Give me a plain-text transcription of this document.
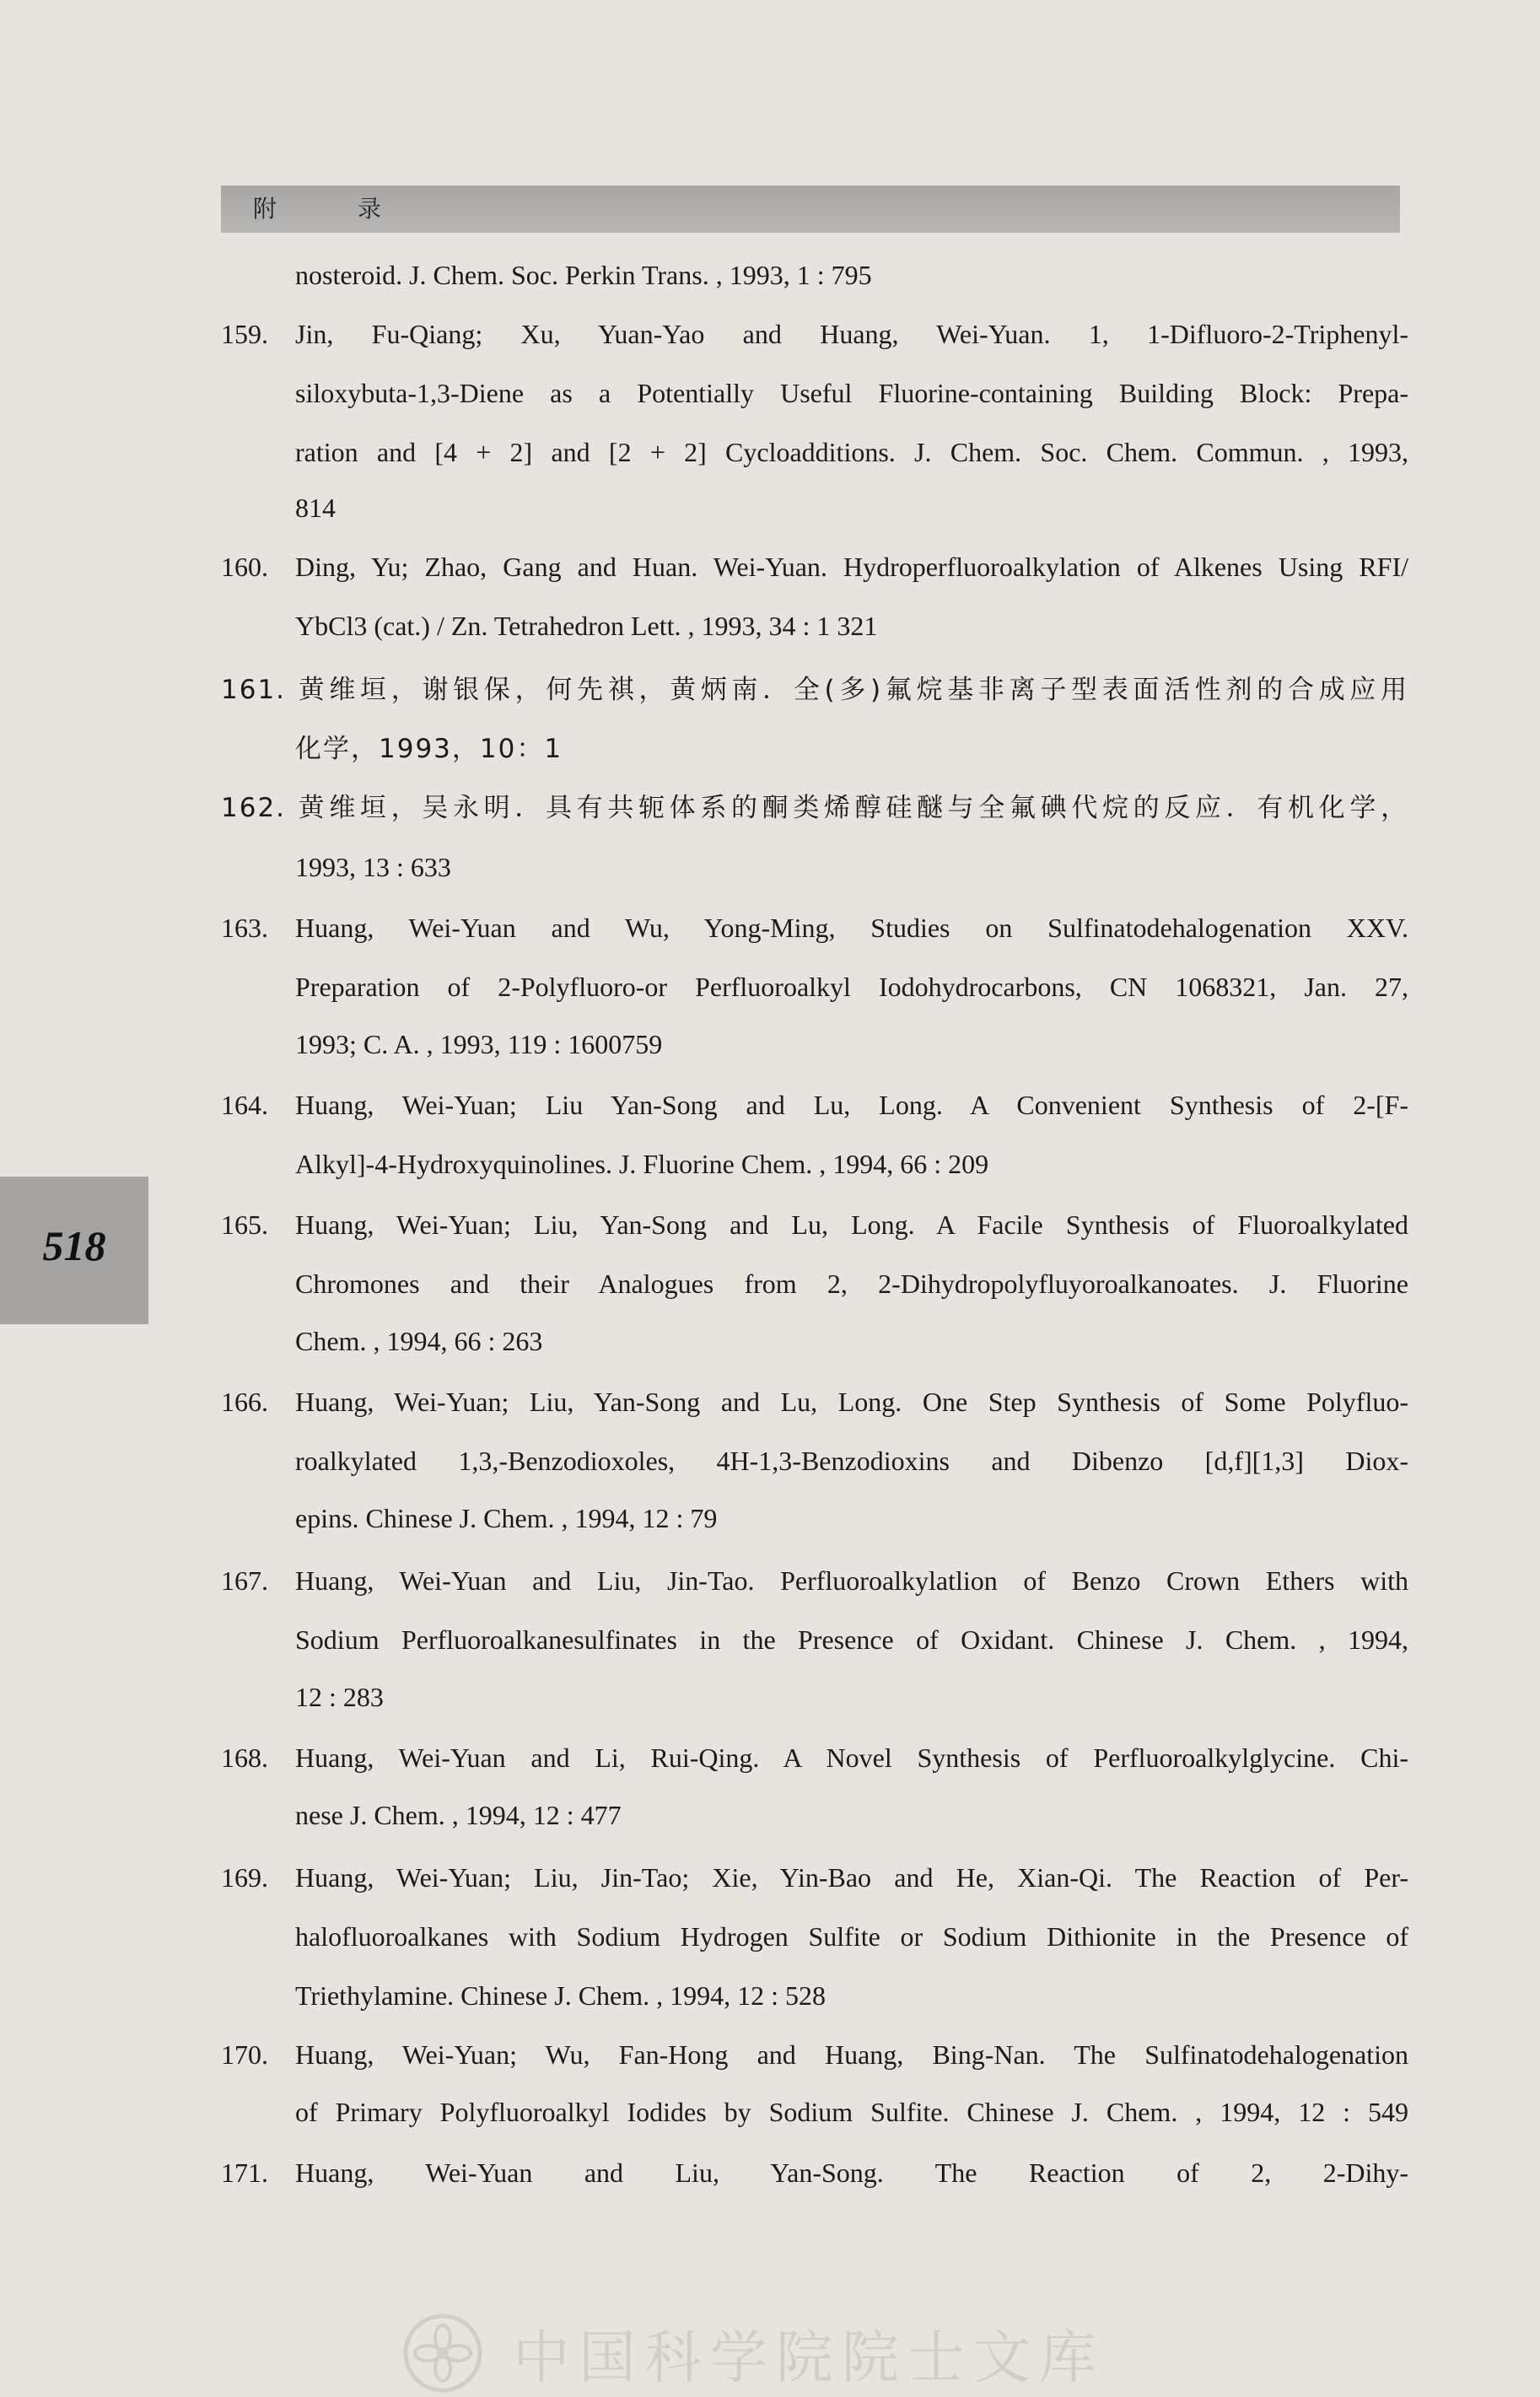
附　录
518
nosteroid. J. Chem. Soc. Perkin Trans. , 1993, 1 : 795
159. Jin, Fu-Qiang; Xu, Yuan-Yao and Huang, Wei-Yuan. 1, 1-Difluoro-2-Triphenyl-
siloxybuta-1,3-Diene as a Potentially Useful Fluorine-containing Building Block: Prepa-
ration and [4 + 2] and [2 + 2] Cycloadditions. J. Chem. Soc. Chem. Commun. , 1993,
814
160. Ding, Yu; Zhao, Gang and Huan. Wei-Yuan. Hydroperfluoroalkylation of Alkenes Using RFI/
YbCl3 (cat.) / Zn. Tetrahedron Lett. , 1993, 34 : 1 321
161. 黄维垣，谢银保，何先祺，黄炳南．全(多)氟烷基非离子型表面活性剂的合成应用
化学，1993，10：1
162. 黄维垣，吴永明．具有共轭体系的酮类烯醇硅醚与全氟碘代烷的反应．有机化学，
1993, 13 : 633
163. Huang, Wei-Yuan and Wu, Yong-Ming, Studies on Sulfinatodehalogenation XXV.
Preparation of 2-Polyfluoro-or Perfluoroalkyl Iodohydrocarbons, CN 1068321, Jan. 27,
1993; C. A. , 1993, 119 : 1600759
164. Huang, Wei-Yuan; Liu Yan-Song and Lu, Long. A Convenient Synthesis of 2-[F-
Alkyl]-4-Hydroxyquinolines. J. Fluorine Chem. , 1994, 66 : 209
165. Huang, Wei-Yuan; Liu, Yan-Song and Lu, Long. A Facile Synthesis of Fluoroalkylated
Chromones and their Analogues from 2, 2-Dihydropolyfluyoroalkanoates. J. Fluorine
Chem. , 1994, 66 : 263
166. Huang, Wei-Yuan; Liu, Yan-Song and Lu, Long. One Step Synthesis of Some Polyfluo-
roalkylated 1,3,-Benzodioxoles, 4H-1,3-Benzodioxins and Dibenzo [d,f][1,3] Diox-
epins. Chinese J. Chem. , 1994, 12 : 79
167. Huang, Wei-Yuan and Liu, Jin-Tao. Perfluoroalkylatlion of Benzo Crown Ethers with
Sodium Perfluoroalkanesulfinates in the Presence of Oxidant. Chinese J. Chem. , 1994,
12 : 283
168. Huang, Wei-Yuan and Li, Rui-Qing. A Novel Synthesis of Perfluoroalkylglycine. Chi-
nese J. Chem. , 1994, 12 : 477
169. Huang, Wei-Yuan; Liu, Jin-Tao; Xie, Yin-Bao and He, Xian-Qi. The Reaction of Per-
halofluoroalkanes with Sodium Hydrogen Sulfite or Sodium Dithionite in the Presence of
Triethylamine. Chinese J. Chem. , 1994, 12 : 528
170. Huang, Wei-Yuan; Wu, Fan-Hong and Huang, Bing-Nan. The Sulfinatodehalogenation
of Primary Polyfluoroalkyl Iodides by Sodium Sulfite. Chinese J. Chem. , 1994, 12 : 549
171. Huang, Wei-Yuan and Liu, Yan-Song. The Reaction of 2, 2-Dihy-
中国科学院院士文库
